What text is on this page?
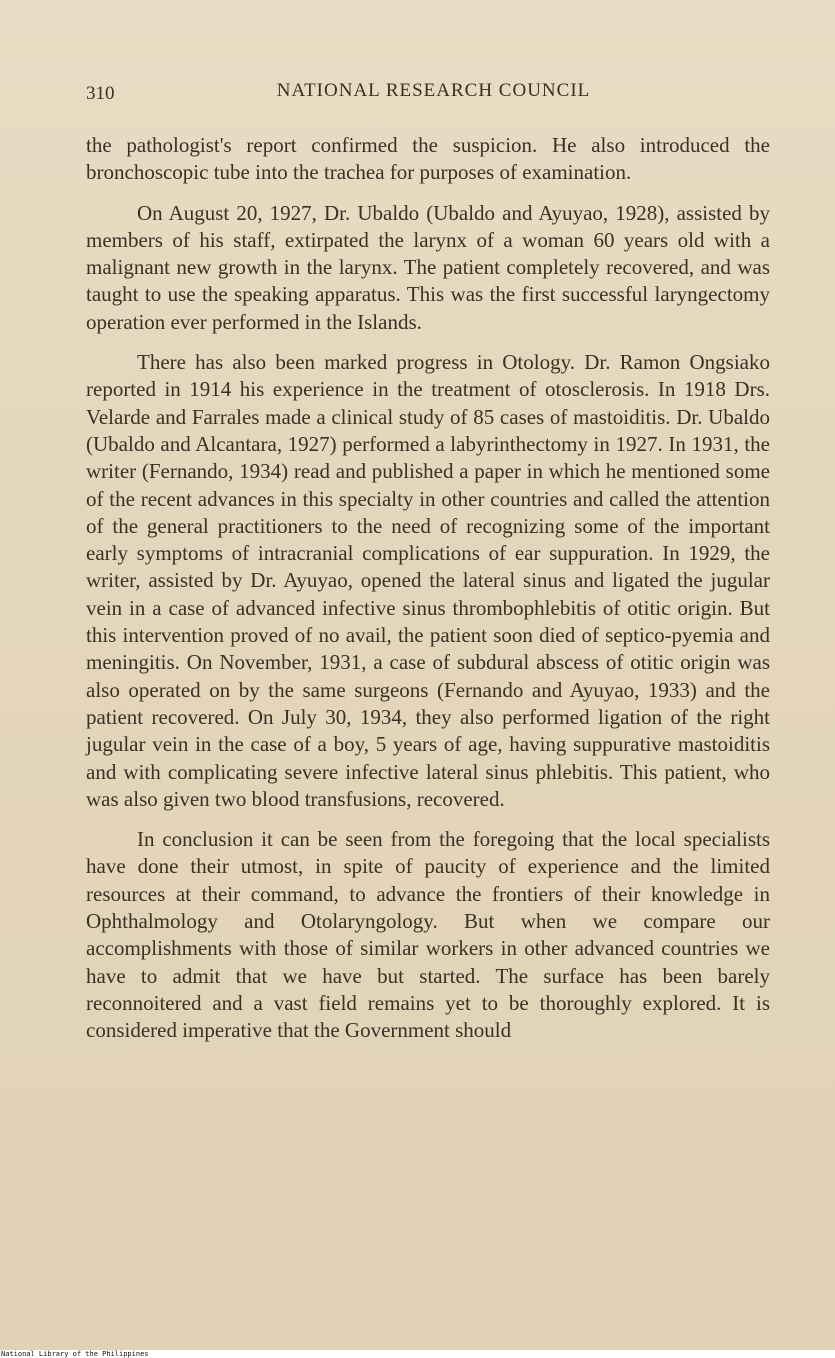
310	NATIONAL RESEARCH COUNCIL

the pathologist's report confirmed the suspicion. He also introduced the bronchoscopic tube into the trachea for purposes of examination.

On August 20, 1927, Dr. Ubaldo (Ubaldo and Ayuyao, 1928), assisted by members of his staff, extirpated the larynx of a woman 60 years old with a malignant new growth in the larynx. The patient completely recovered, and was taught to use the speaking apparatus. This was the first successful laryngectomy operation ever performed in the Islands.

There has also been marked progress in Otology. Dr. Ramon Ongsiako reported in 1914 his experience in the treatment of otosclerosis. In 1918 Drs. Velarde and Farrales made a clinical study of 85 cases of mastoiditis. Dr. Ubaldo (Ubaldo and Alcantara, 1927) performed a labyrinthectomy in 1927. In 1931, the writer (Fernando, 1934) read and published a paper in which he mentioned some of the recent advances in this specialty in other countries and called the attention of the general practitioners to the need of recognizing some of the important early symptoms of intracranial complications of ear suppuration. In 1929, the writer, assisted by Dr. Ayuyao, opened the lateral sinus and ligated the jugular vein in a case of advanced infective sinus thrombophlebitis of otitic origin. But this intervention proved of no avail, the patient soon died of septico-pyemia and meningitis. On November, 1931, a case of subdural abscess of otitic origin was also operated on by the same surgeons (Fernando and Ayuyao, 1933) and the patient recovered. On July 30, 1934, they also performed ligation of the right jugular vein in the case of a boy, 5 years of age, having suppurative mastoiditis and with complicating severe infective lateral sinus phlebitis. This patient, who was also given two blood transfusions, recovered.

In conclusion it can be seen from the foregoing that the local specialists have done their utmost, in spite of paucity of experience and the limited resources at their command, to advance the frontiers of their knowledge in Ophthalmology and Otolaryngology. But when we compare our accomplishments with those of similar workers in other advanced countries we have to admit that we have but started. The surface has been barely reconnoitered and a vast field remains yet to be thoroughly explored. It is considered imperative that the Government should

National Library of the Philippines
